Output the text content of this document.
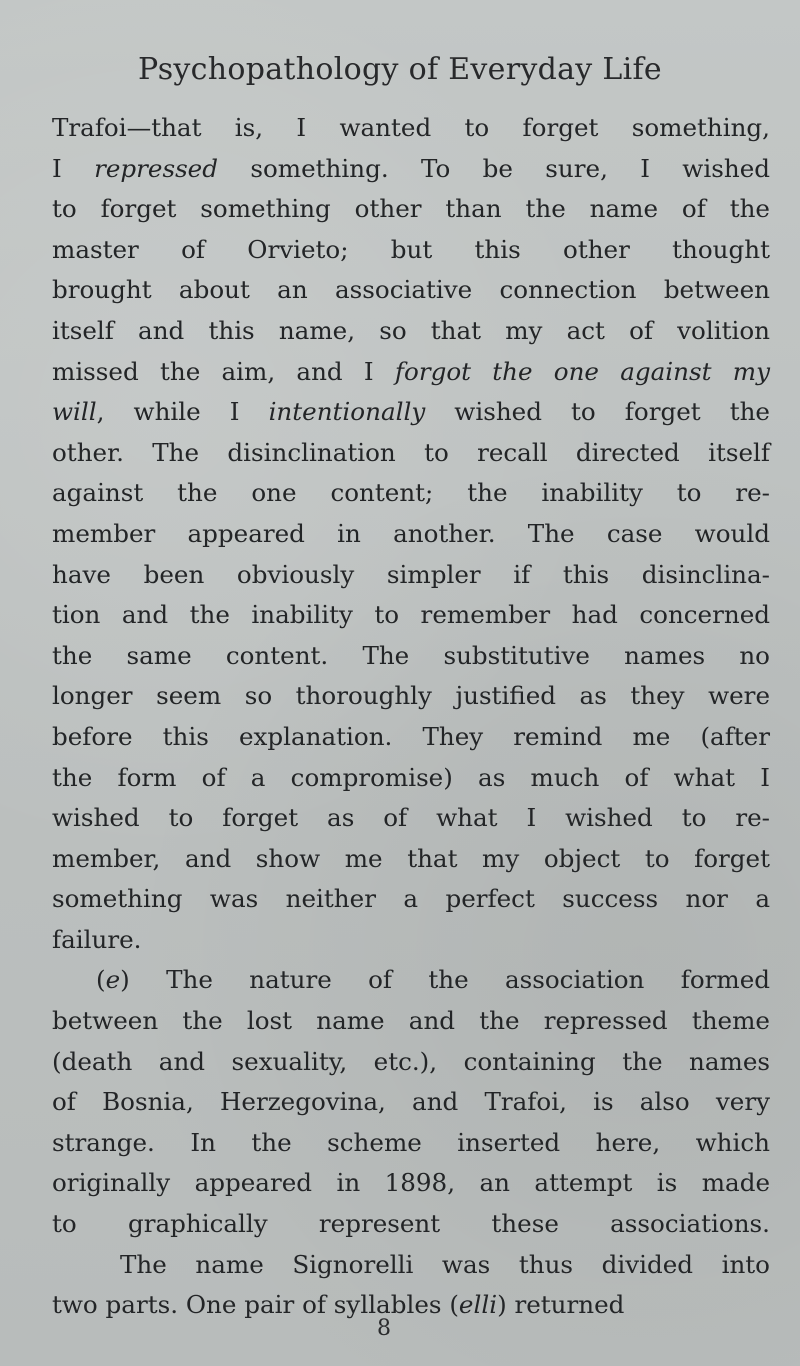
Psychopathology of Everyday Life
Trafoi—that is, I wanted to forget something,
I repressed something. To be sure, I wished
to forget something other than the name of the
master of Orvieto; but this other thought
brought about an associative connection between
itself and this name, so that my act of volition
missed the aim, and I forgot the one against my
will, while I intentionally wished to forget the
other. The disinclination to recall directed itself
against the one content; the inability to re-
member appeared in another. The case would
have been obviously simpler if this disinclina-
tion and the inability to remember had concerned
the same content. The substitutive names no
longer seem so thoroughly justified as they were
before this explanation. They remind me (after
the form of a compromise) as much of what I
wished to forget as of what I wished to re-
member, and show me that my object to forget
something was neither a perfect success nor a
failure.
(e) The nature of the association formed
between the lost name and the repressed theme
(death and sexuality, etc.), containing the names
of Bosnia, Herzegovina, and Trafoi, is also very
strange. In the scheme inserted here, which
originally appeared in 1898, an attempt is made
to graphically represent these associations.
The name Signorelli was thus divided into
two parts. One pair of syllables (elli) returned
8
